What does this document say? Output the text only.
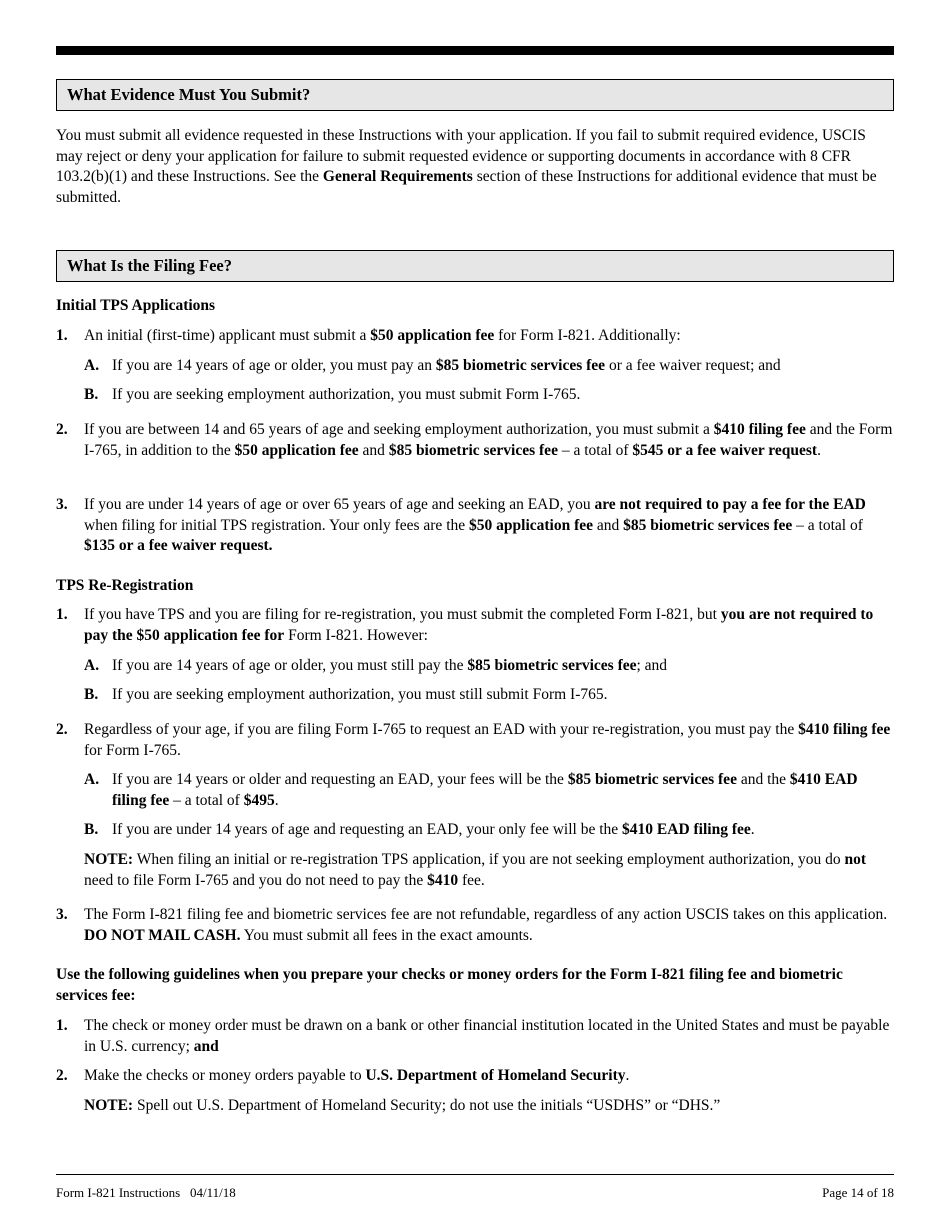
What Evidence Must You Submit?

You must submit all evidence requested in these Instructions with your application. If you fail to submit required evidence, USCIS may reject or deny your application for failure to submit requested evidence or supporting documents in accordance with 8 CFR 103.2(b)(1) and these Instructions. See the General Requirements section of these Instructions for additional evidence that must be submitted.

What Is the Filing Fee?

Initial TPS Applications

1. An initial (first-time) applicant must submit a $50 application fee for Form I-821. Additionally:
A. If you are 14 years of age or older, you must pay an $85 biometric services fee or a fee waiver request; and
B. If you are seeking employment authorization, you must submit Form I-765.
2. If you are between 14 and 65 years of age and seeking employment authorization, you must submit a $410 filing fee and the Form I-765, in addition to the $50 application fee and $85 biometric services fee – a total of $545 or a fee waiver request.
3. If you are under 14 years of age or over 65 years of age and seeking an EAD, you are not required to pay a fee for the EAD when filing for initial TPS registration. Your only fees are the $50 application fee and $85 biometric services fee – a total of $135 or a fee waiver request.

TPS Re-Registration

1. If you have TPS and you are filing for re-registration, you must submit the completed Form I-821, but you are not required to pay the $50 application fee for Form I-821. However:
A. If you are 14 years of age or older, you must still pay the $85 biometric services fee; and
B. If you are seeking employment authorization, you must still submit Form I-765.
2. Regardless of your age, if you are filing Form I-765 to request an EAD with your re-registration, you must pay the $410 filing fee for Form I-765.
A. If you are 14 years or older and requesting an EAD, your fees will be the $85 biometric services fee and the $410 EAD filing fee – a total of $495.
B. If you are under 14 years of age and requesting an EAD, your only fee will be the $410 EAD filing fee.
NOTE: When filing an initial or re-registration TPS application, if you are not seeking employment authorization, you do not need to file Form I-765 and you do not need to pay the $410 fee.
3. The Form I-821 filing fee and biometric services fee are not refundable, regardless of any action USCIS takes on this application. DO NOT MAIL CASH. You must submit all fees in the exact amounts.

Use the following guidelines when you prepare your checks or money orders for the Form I-821 filing fee and biometric services fee:

1. The check or money order must be drawn on a bank or other financial institution located in the United States and must be payable in U.S. currency; and
2. Make the checks or money orders payable to U.S. Department of Homeland Security.
NOTE: Spell out U.S. Department of Homeland Security; do not use the initials “USDHS” or “DHS.”
Form I-821 Instructions   04/11/18	Page 14 of 18
